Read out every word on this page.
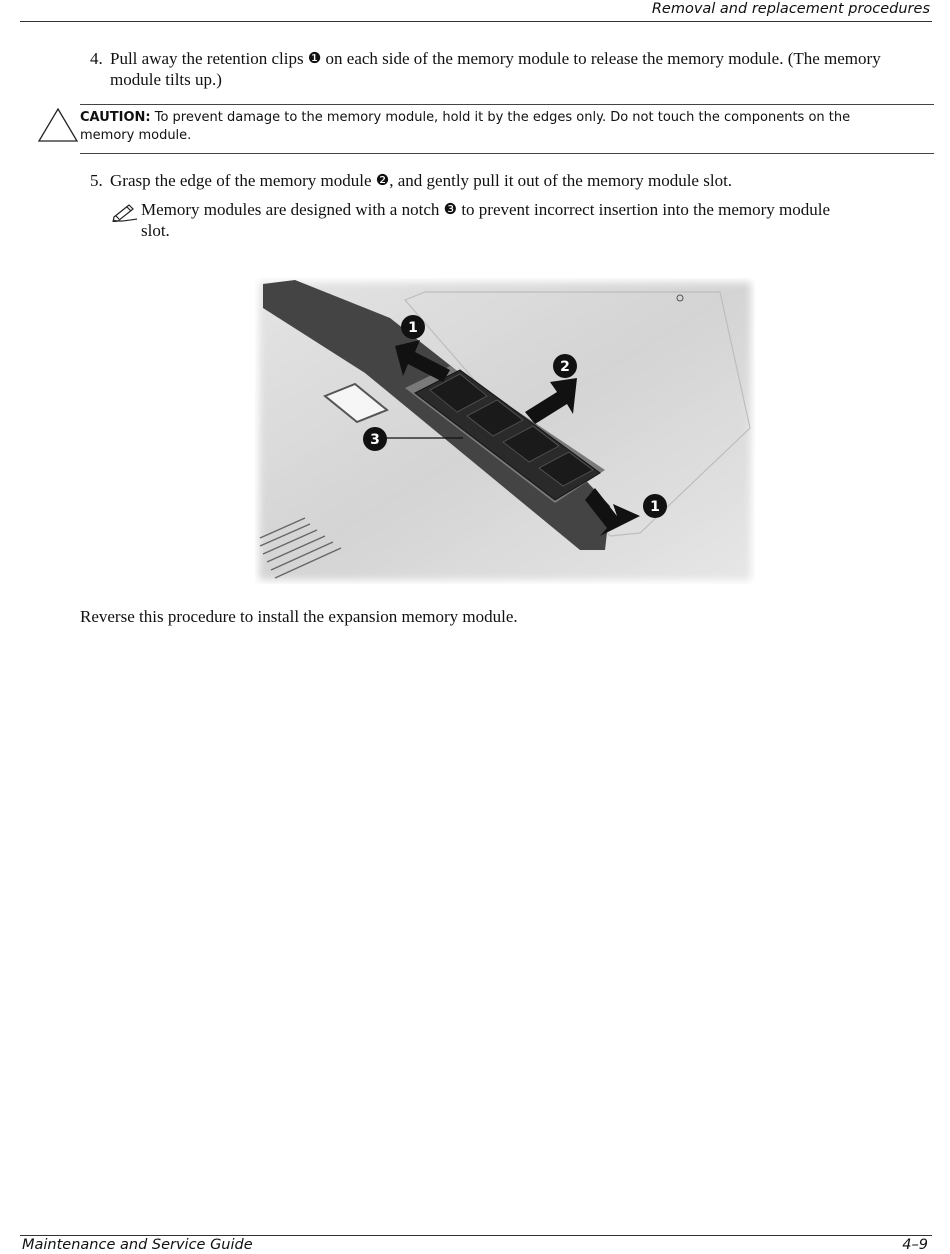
Removal and replacement procedures
4. Pull away the retention clips ❶ on each side of the memory module to release the memory module. (The memory module tilts up.)
CAUTION: To prevent damage to the memory module, hold it by the edges only. Do not touch the components on the memory module.
5. Grasp the edge of the memory module ❷, and gently pull it out of the memory module slot.
Memory modules are designed with a notch ❸ to prevent incorrect insertion into the memory module slot.
1
2
3
1
Reverse this procedure to install the expansion memory module.
Maintenance and Service Guide	4–9
